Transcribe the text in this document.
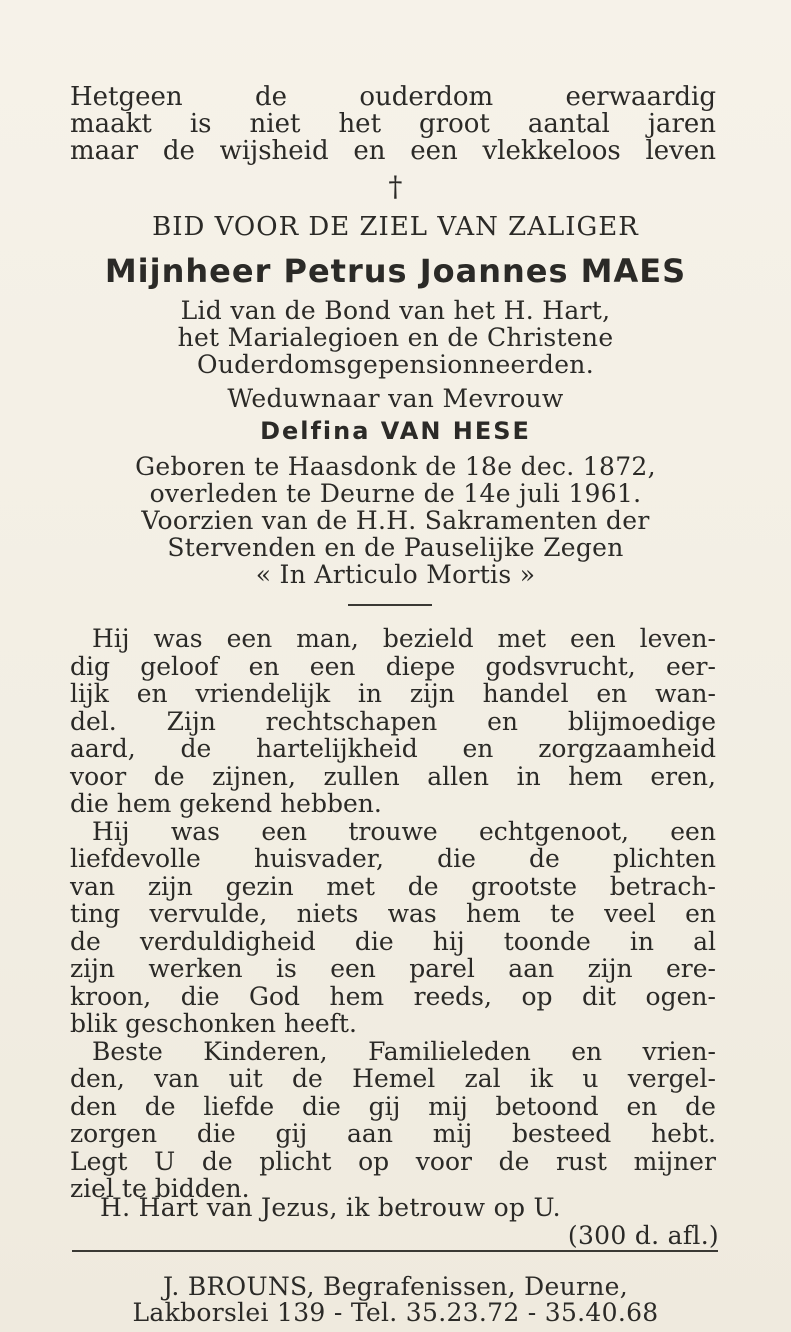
Hetgeen	de	ouderdom	eerwaardig
maakt is niet het groot aantal jaren
maar de wijsheid en een vlekkeloos leven
†
BID VOOR DE ZIEL VAN ZALIGER
Mijnheer Petrus Joannes MAES
Lid van de Bond van het H. Hart,
het Marialegioen en de Christene
Ouderdomsgepensionneerden.
Weduwnaar van Mevrouw
Delfina VAN HESE
Geboren te Haasdonk de 18e dec. 1872,
overleden te Deurne de 14e juli 1961.
Voorzien van de H.H. Sakramenten der
Stervenden en de Pauselijke Zegen
« In Articulo Mortis »
Hij was een man, bezield met een leven-
dig geloof en een diepe godsvrucht, eer-
lijk en vriendelijk in zijn handel en wan-
del. Zijn rechtschapen en blijmoedige
aard, de hartelijkheid en zorgzaamheid
voor de zijnen, zullen allen in hem eren,
die hem gekend hebben.
Hij was een trouwe echtgenoot, een
liefdevolle huisvader, die de plichten
van zijn gezin met de grootste betrach-
ting vervulde, niets was hem te veel en
de verduldigheid die hij toonde in al
zijn werken is een parel aan zijn ere-
kroon, die God hem reeds, op dit ogen-
blik geschonken heeft.
Beste Kinderen, Familieleden en vrien-
den, van uit de Hemel zal ik u vergel-
den de liefde die gij mij betoond en de
zorgen die gij aan mij besteed hebt.
Legt U de plicht op voor de rust mijner
ziel te bidden.
H. Hart van Jezus, ik betrouw op U.
(300 d. afl.)
J. BROUNS, Begrafenissen, Deurne,
Lakborslei 139 - Tel. 35.23.72 - 35.40.68
